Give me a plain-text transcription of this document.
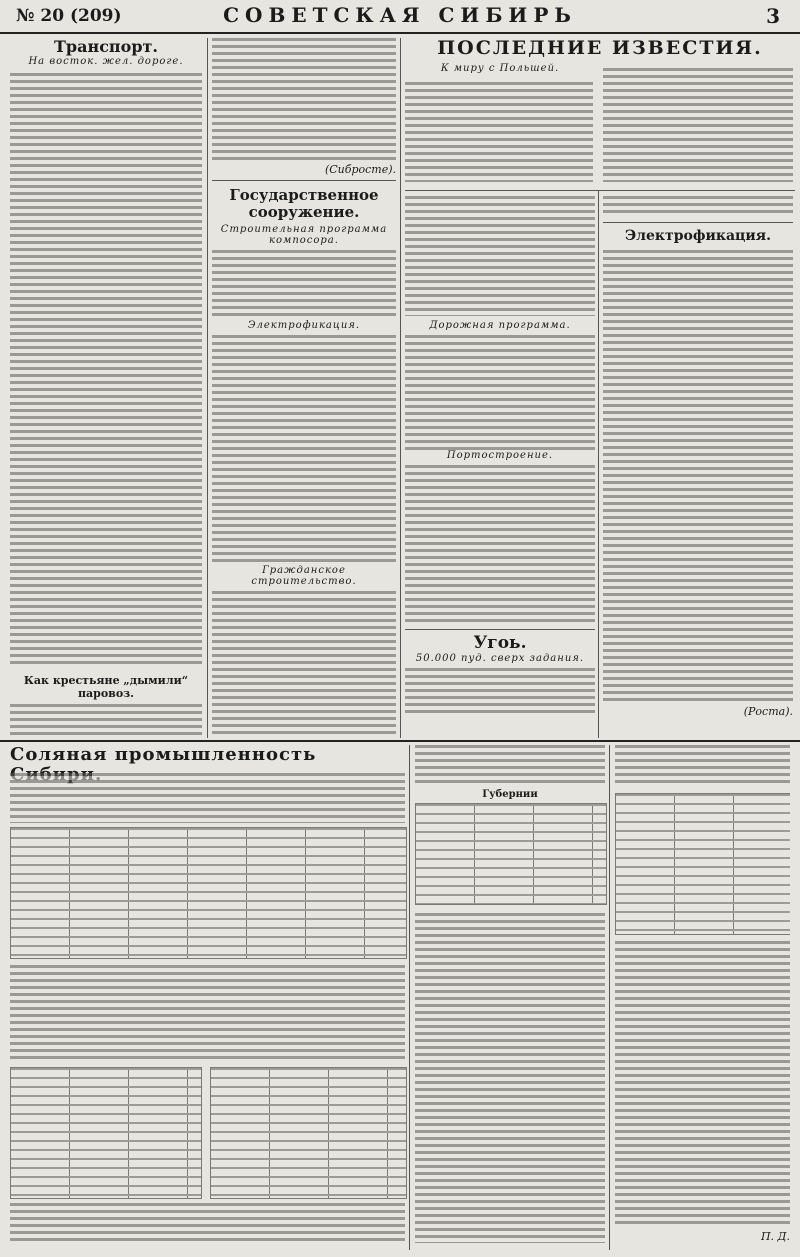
№ 20 (209)	СОВЕТСКАЯ СИБИРЬ	3
Транспорт.
На восток. жел. дороге.
Как крестьяне „дымили“ паровоз.
(Сибросте).
Государственное сооружение.
Строительная программа компосора.
Электрофикация.
Гражданское строительство.
ПОСЛЕДНИЕ ИЗВЕСТИЯ.
К миру с Польшей.
Дорожная программа.
Портостроение.
Угоь.
50.000 пуд. сверх задания.
Электрофикация.
(Роста).
Соляная промышленность
Губернии
П. Д.
